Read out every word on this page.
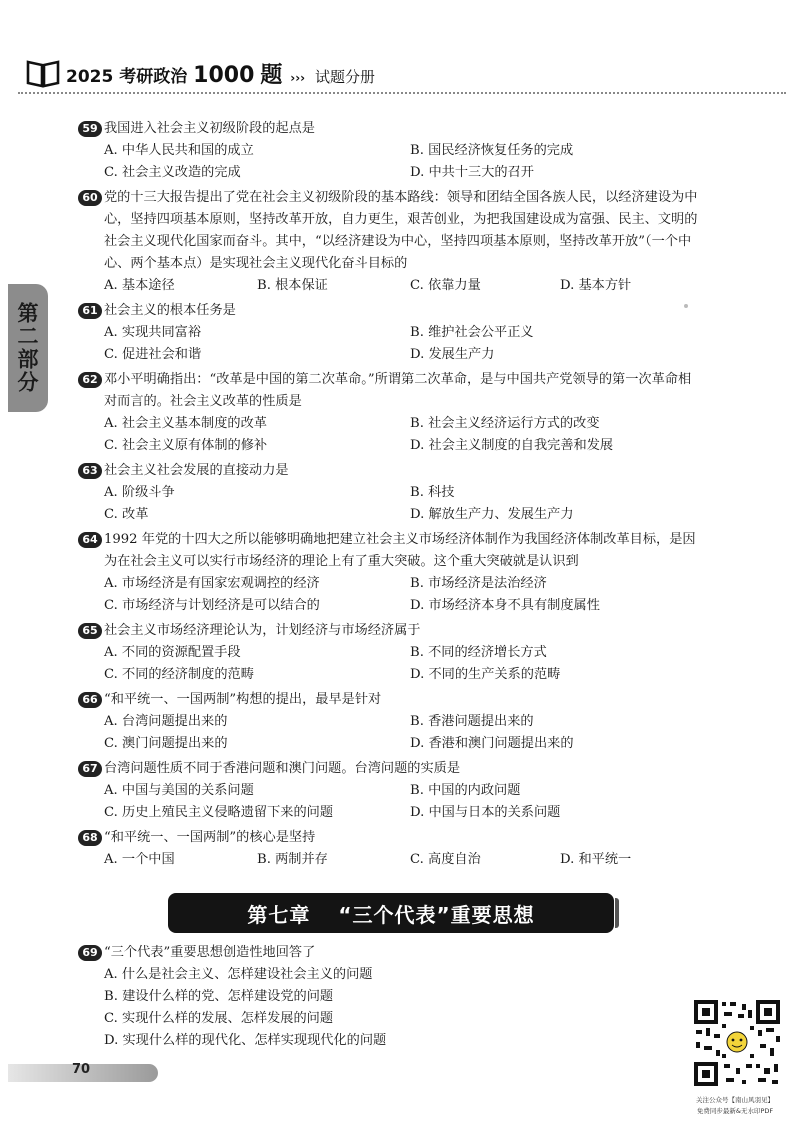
2025 考研政治 1000 题 ››› 试题分册
第二部分
59 我国进入社会主义初级阶段的起点是
A. 中华人民共和国的成立	B. 国民经济恢复任务的完成
C. 社会主义改造的完成	D. 中共十三大的召开
60 党的十三大报告提出了党在社会主义初级阶段的基本路线：领导和团结全国各族人民，以经济建设为中心，坚持四项基本原则，坚持改革开放，自力更生，艰苦创业，为把我国建设成为富强、民主、文明的社会主义现代化国家而奋斗。其中，“以经济建设为中心，坚持四项基本原则，坚持改革开放”（一个中心、两个基本点）是实现社会主义现代化奋斗目标的
A. 基本途径	B. 根本保证	C. 依靠力量	D. 基本方针
61 社会主义的根本任务是
A. 实现共同富裕	B. 维护社会公平正义
C. 促进社会和谐	D. 发展生产力
62 邓小平明确指出：“改革是中国的第二次革命。”所谓第二次革命，是与中国共产党领导的第一次革命相对而言的。社会主义改革的性质是
A. 社会主义基本制度的改革	B. 社会主义经济运行方式的改变
C. 社会主义原有体制的修补	D. 社会主义制度的自我完善和发展
63 社会主义社会发展的直接动力是
A. 阶级斗争	B. 科技
C. 改革	D. 解放生产力、发展生产力
64 1992 年党的十四大之所以能够明确地把建立社会主义市场经济体制作为我国经济体制改革目标，是因为在社会主义可以实行市场经济的理论上有了重大突破。这个重大突破就是认识到
A. 市场经济是有国家宏观调控的经济	B. 市场经济是法治经济
C. 市场经济与计划经济是可以结合的	D. 市场经济本身不具有制度属性
65 社会主义市场经济理论认为，计划经济与市场经济属于
A. 不同的资源配置手段	B. 不同的经济增长方式
C. 不同的经济制度的范畴	D. 不同的生产关系的范畴
66 “和平统一、一国两制”构想的提出，最早是针对
A. 台湾问题提出来的	B. 香港问题提出来的
C. 澳门问题提出来的	D. 香港和澳门问题提出来的
67 台湾问题性质不同于香港问题和澳门问题。台湾问题的实质是
A. 中国与美国的关系问题	B. 中国的内政问题
C. 历史上殖民主义侵略遗留下来的问题	D. 中国与日本的关系问题
68 “和平统一、一国两制”的核心是坚持
A. 一个中国	B. 两制并存	C. 高度自治	D. 和平统一
第七章 “三个代表”重要思想
69 “三个代表”重要思想创造性地回答了
A. 什么是社会主义、怎样建设社会主义的问题
B. 建设什么样的党、怎样建设党的问题
C. 实现什么样的发展、怎样发展的问题
D. 实现什么样的现代化、怎样实现现代化的问题
70
关注公众号【南山风羽见】
免费同步最新&无水印PDF
